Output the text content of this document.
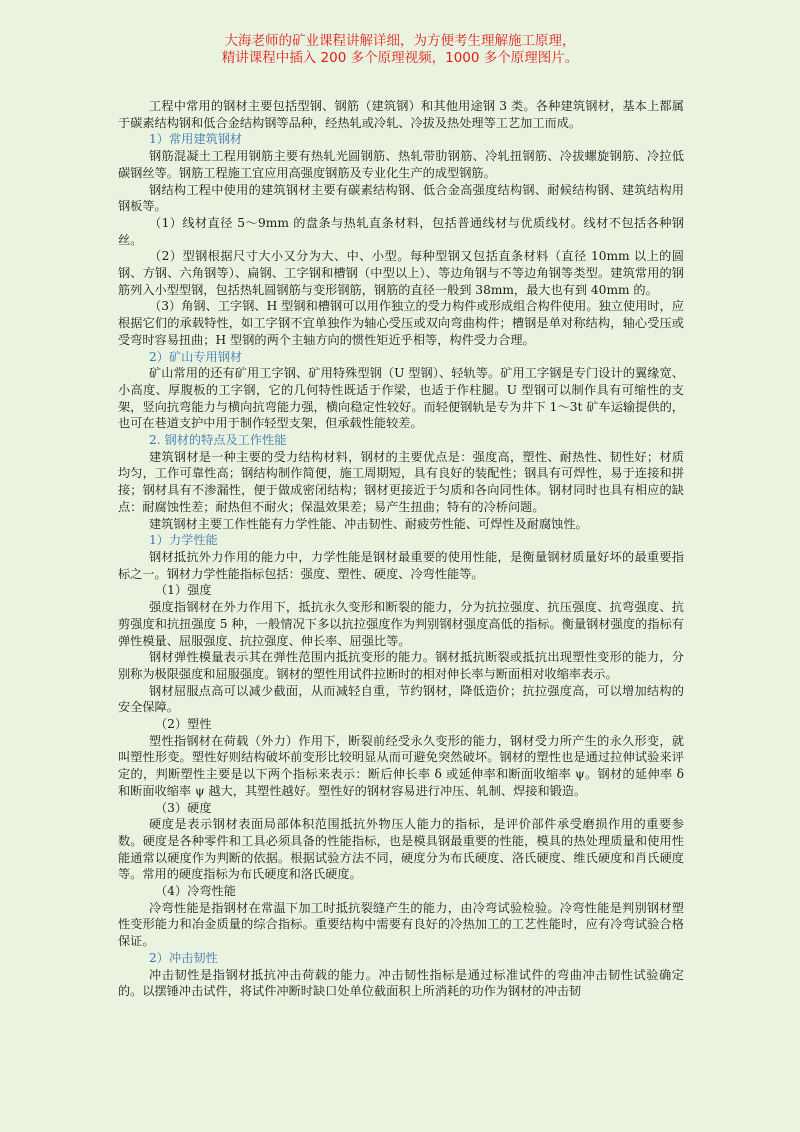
大海老师的矿业课程讲解详细，为方便考生理解施工原理，
精讲课程中插入 200 多个原理视频，1000 多个原理图片。

工程中常用的钢材主要包括型钢、钢筋（建筑钢）和其他用途钢 3 类。各种建筑钢材，基本上都属于碳素结构钢和低合金结构钢等品种，经热轧或冷轧、冷拔及热处理等工艺加工而成。

1）常用建筑钢材

钢筋混凝土工程用钢筋主要有热轧光圆钢筋、热轧带肋钢筋、冷轧扭钢筋、冷拔螺旋钢筋、冷拉低碳钢丝等。钢筋工程施工宜应用高强度钢筋及专业化生产的成型钢筋。

钢结构工程中使用的建筑钢材主要有碳素结构钢、低合金高强度结构钢、耐候结构钢、建筑结构用钢板等。

（1）线材直径 5～9mm 的盘条与热轧直条材料，包括普通线材与优质线材。线材不包括各种钢丝。

（2）型钢根据尺寸大小又分为大、中、小型。每种型钢又包括直条材料（直径 10mm 以上的圆钢、方钢、六角钢等）、扁钢、工字钢和槽钢（中型以上）、等边角钢与不等边角钢等类型。建筑常用的钢筋列入小型型钢，包括热轧圆钢筋与变形钢筋，钢筋的直径一般到 38mm，最大也有到 40mm 的。

（3）角钢、工字钢、H 型钢和槽钢可以用作独立的受力构件或形成组合构件使用。独立使用时，应根据它们的承载特性，如工字钢不宜单独作为轴心受压或双向弯曲构件；槽钢是单对称结构，轴心受压或受弯时容易扭曲；H 型钢的两个主轴方向的惯性矩近乎相等，构件受力合理。

2）矿山专用钢材

矿山常用的还有矿用工字钢、矿用特殊型钢（U 型钢）、轻轨等。矿用工字钢是专门设计的翼缘宽、小高度、厚腹板的工字钢，它的几何特性既适于作梁，也适于作柱腿。U 型钢可以制作具有可缩性的支架，竖向抗弯能力与横向抗弯能力强，横向稳定性较好。而轻便钢轨是专为井下 1～3t 矿车运输提供的，也可在巷道支护中用于制作轻型支架，但承载性能较差。

2. 钢材的特点及工作性能

建筑钢材是一种主要的受力结构材料，钢材的主要优点是：强度高，塑性、耐热性、韧性好；材质均匀，工作可靠性高；钢结构制作简便，施工周期短，具有良好的装配性；钢具有可焊性，易于连接和拼接；钢材具有不渗漏性，便于做成密闭结构；钢材更接近于匀质和各向同性体。钢材同时也具有相应的缺点：耐腐蚀性差；耐热但不耐火；保温效果差；易产生扭曲；特有的冷桥问题。

建筑钢材主要工作性能有力学性能、冲击韧性、耐疲劳性能、可焊性及耐腐蚀性。

1）力学性能

钢材抵抗外力作用的能力中，力学性能是钢材最重要的使用性能，是衡量钢材质量好坏的最重要指标之一。钢材力学性能指标包括：强度、塑性、硬度、冷弯性能等。

（1）强度

强度指钢材在外力作用下，抵抗永久变形和断裂的能力，分为抗拉强度、抗压强度、抗弯强度、抗剪强度和抗扭强度 5 种，一般情况下多以抗拉强度作为判别钢材强度高低的指标。衡量钢材强度的指标有弹性模量、屈服强度、抗拉强度、伸长率、屈强比等。

钢材弹性模量表示其在弹性范围内抵抗变形的能力。钢材抵抗断裂或抵抗出现塑性变形的能力，分别称为极限强度和屈服强度。钢材的塑性用试件拉断时的相对伸长率与断面相对收缩率表示。

钢材屈服点高可以减少截面，从而减轻自重，节约钢材，降低造价；抗拉强度高，可以增加结构的安全保障。

（2）塑性

塑性指钢材在荷载（外力）作用下，断裂前经受永久变形的能力，钢材受力所产生的永久形变，就叫塑性形变。塑性好则结构破坏前变形比较明显从而可避免突然破坏。钢材的塑性也是通过拉伸试验来评定的，判断塑性主要是以下两个指标来表示：断后伸长率 δ 或延伸率和断面收缩率 ψ。钢材的延伸率 δ 和断面收缩率 ψ 越大，其塑性越好。塑性好的钢材容易进行冲压、轧制、焊接和锻造。

（3）硬度

硬度是表示钢材表面局部体积范围抵抗外物压人能力的指标，是评价部件承受磨损作用的重要参数。硬度是各种零件和工具必须具备的性能指标，也是模具钢最重要的性能，模具的热处理质量和使用性能通常以硬度作为判断的依据。根据试验方法不同，硬度分为布氏硬度、洛氏硬度、维氏硬度和肖氏硬度等。常用的硬度指标为布氏硬度和洛氏硬度。

（4）冷弯性能

冷弯性能是指钢材在常温下加工时抵抗裂缝产生的能力，由冷弯试验检验。冷弯性能是判别钢材塑性变形能力和冶金质量的综合指标。重要结构中需要有良好的冷热加工的工艺性能时，应有冷弯试验合格保证。

2）冲击韧性

冲击韧性是指钢材抵抗冲击荷载的能力。冲击韧性指标是通过标准试件的弯曲冲击韧性试验确定的。以摆锤冲击试件，将试件冲断时缺口处单位截面积上所消耗的功作为钢材的冲击韧
